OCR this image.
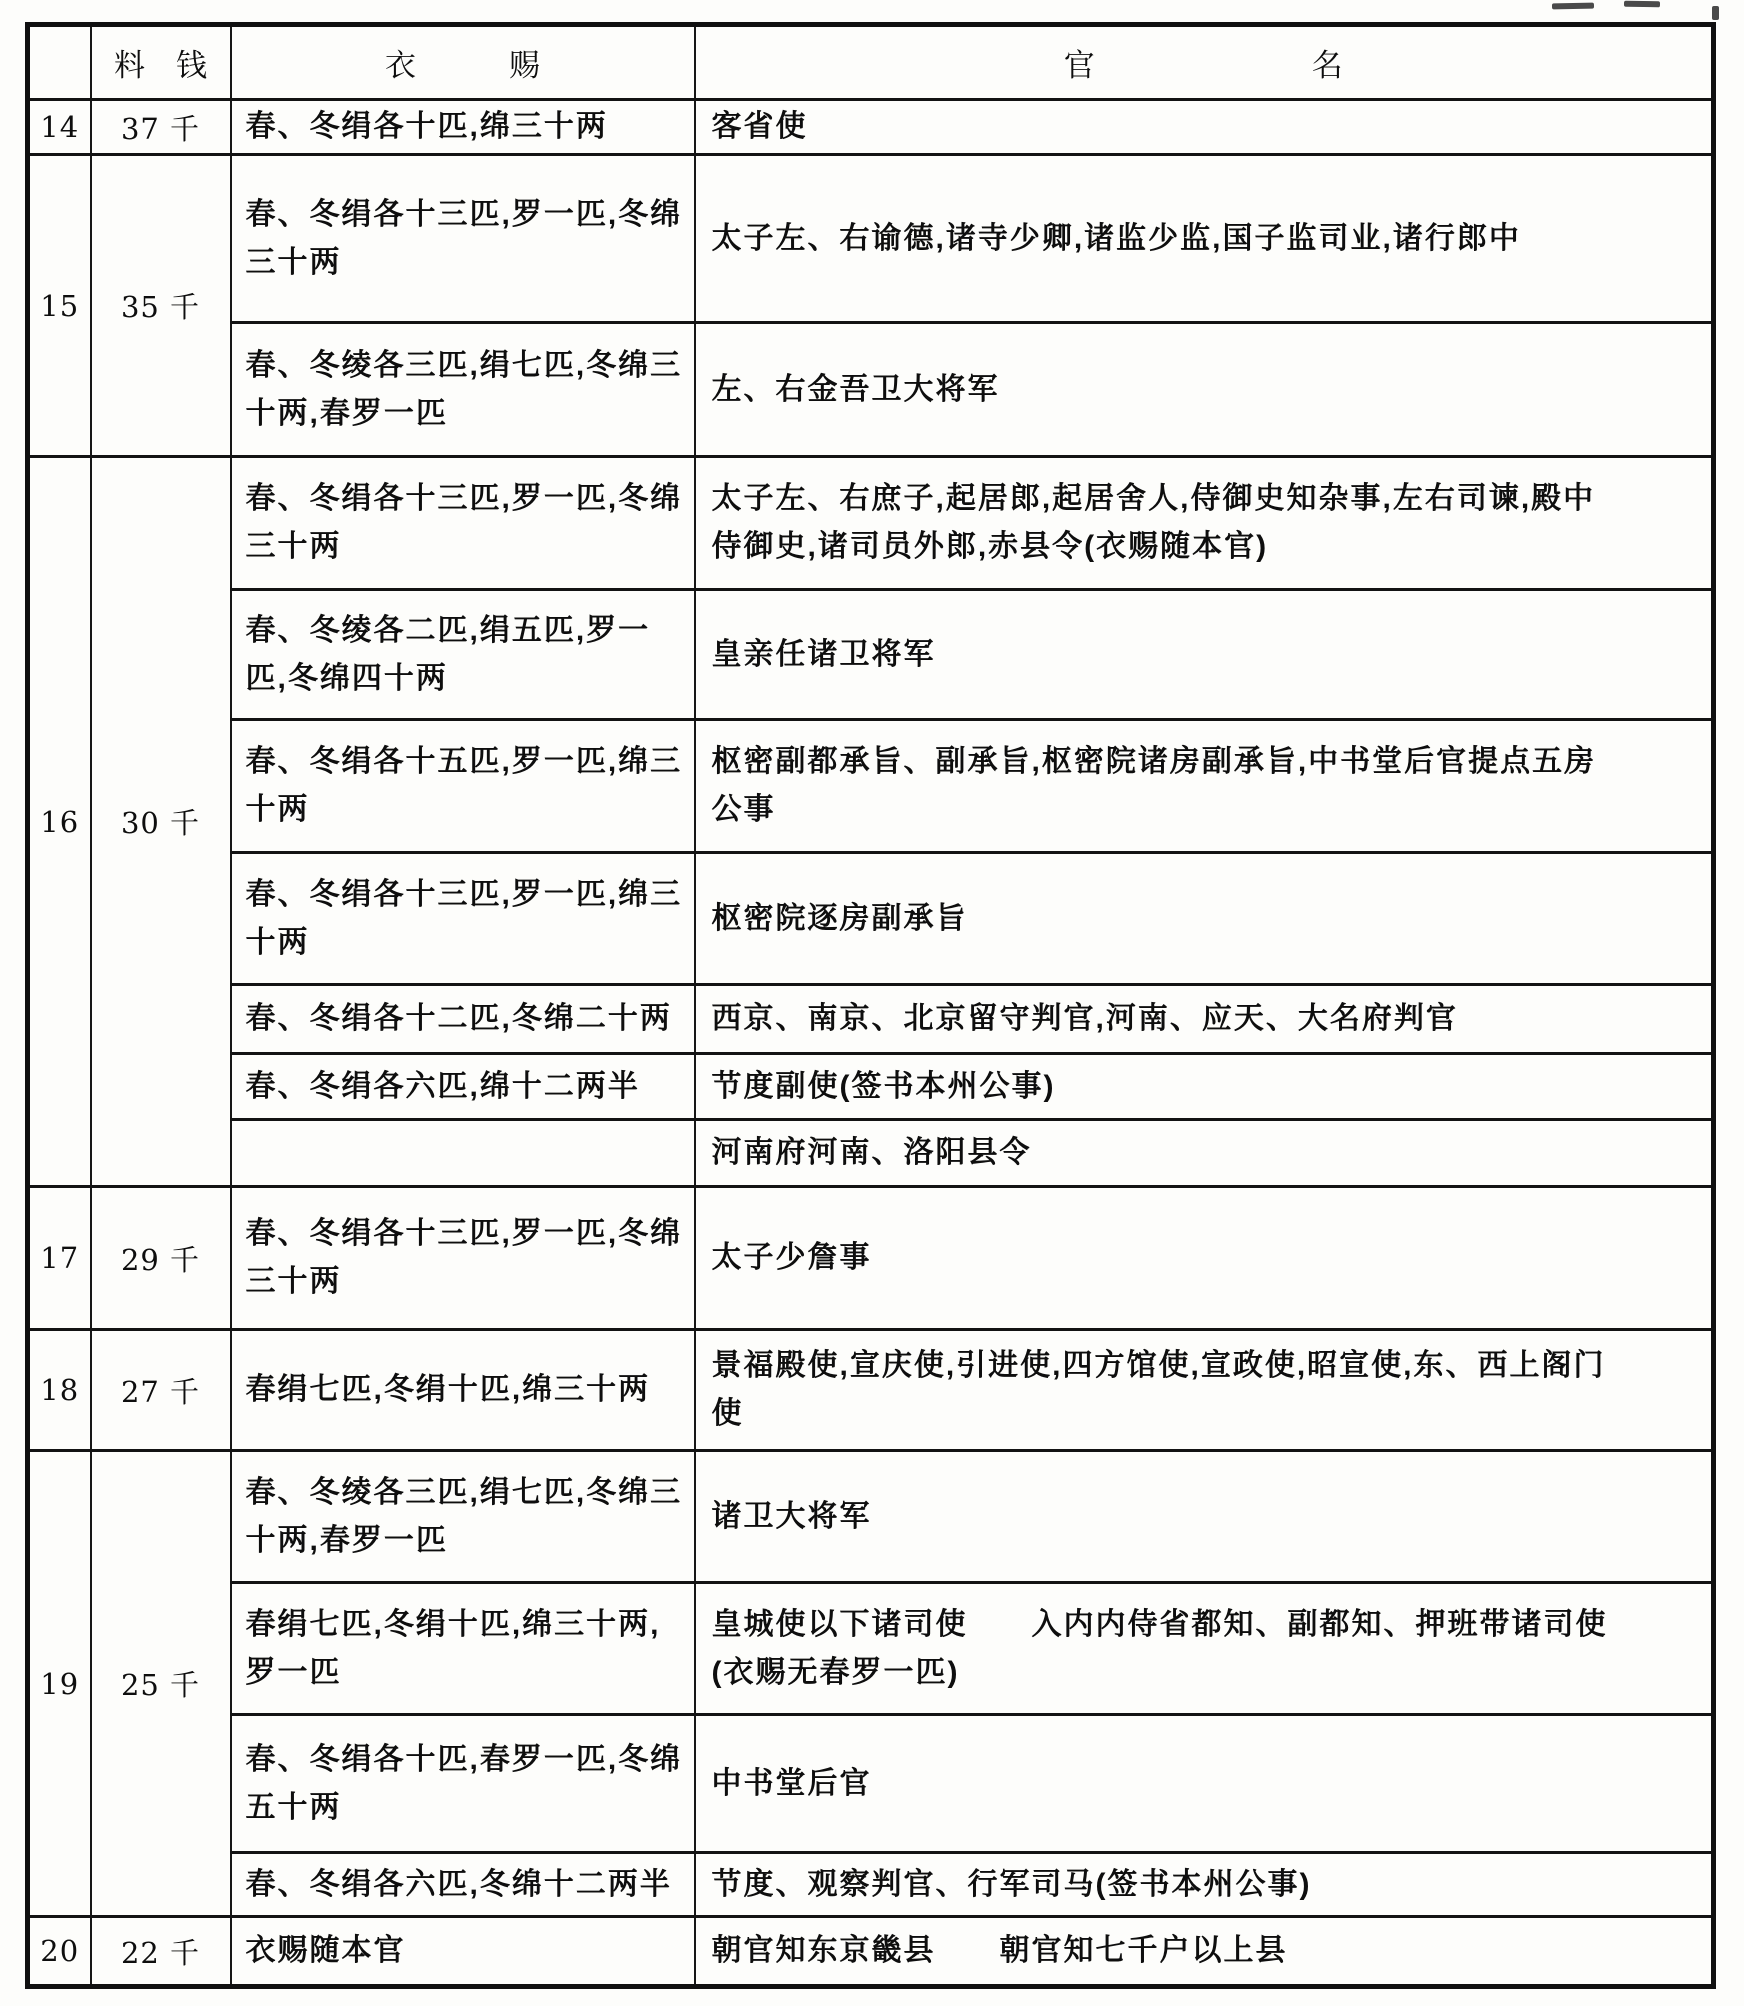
	料　钱	衣　　　赐	官　　　　　　　名
14	37 千	春、冬绢各十匹,绵三十两	客省使
15	35 千	春、冬绢各十三匹,罗一匹,冬绵三十两	太子左、右谕德,诸寺少卿,诸监少监,国子监司业,诸行郎中
		春、冬绫各三匹,绢七匹,冬绵三十两,春罗一匹	左、右金吾卫大将军
16	30 千	春、冬绢各十三匹,罗一匹,冬绵三十两	太子左、右庶子,起居郎,起居舍人,侍御史知杂事,左右司谏,殿中侍御史,诸司员外郎,赤县令(衣赐随本官)
		春、冬绫各二匹,绢五匹,罗一匹,冬绵四十两	皇亲任诸卫将军
		春、冬绢各十五匹,罗一匹,绵三十两	枢密副都承旨、副承旨,枢密院诸房副承旨,中书堂后官提点五房公事
		春、冬绢各十三匹,罗一匹,绵三十两	枢密院逐房副承旨
		春、冬绢各十二匹,冬绵二十两	西京、南京、北京留守判官,河南、应天、大名府判官
		春、冬绢各六匹,绵十二两半	节度副使(签书本州公事)
			河南府河南、洛阳县令
17	29 千	春、冬绢各十三匹,罗一匹,冬绵三十两	太子少詹事
18	27 千	春绢七匹,冬绢十匹,绵三十两	景福殿使,宣庆使,引进使,四方馆使,宣政使,昭宣使,东、西上阁门使
19	25 千	春、冬绫各三匹,绢七匹,冬绵三十两,春罗一匹	诸卫大将军
		春绢七匹,冬绢十匹,绵三十两,罗一匹	皇城使以下诸司使　　入内内侍省都知、副都知、押班带诸司使(衣赐无春罗一匹)
		春、冬绢各十匹,春罗一匹,冬绵五十两	中书堂后官
		春、冬绢各六匹,冬绵十二两半	节度、观察判官、行军司马(签书本州公事)
20	22 千	衣赐随本官	朝官知东京畿县　　朝官知七千户以上县
